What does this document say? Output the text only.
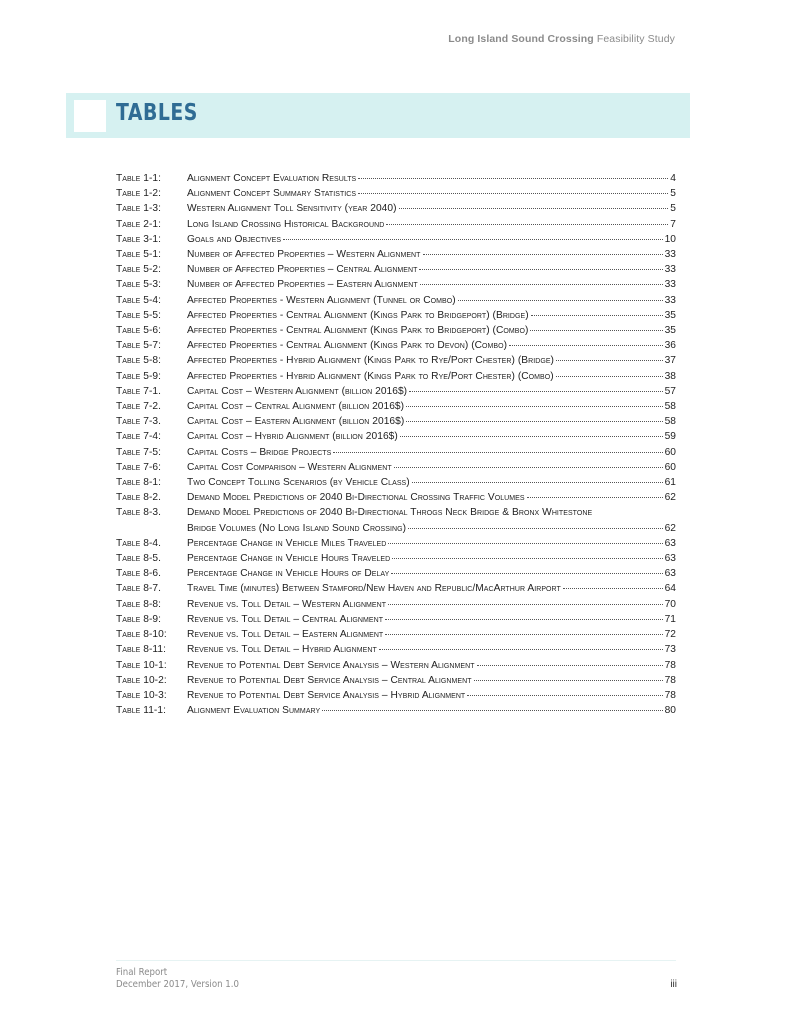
Long Island Sound Crossing Feasibility Study
TABLES
Table 1-1:	Alignment Concept Evaluation Results	4
Table 1-2:	Alignment Concept Summary Statistics	5
Table 1-3:	Western Alignment Toll Sensitivity (year 2040)	5
Table 2-1:	Long Island Crossing Historical Background	7
Table 3-1:	Goals and Objectives	10
Table 5-1:	Number of Affected Properties – Western Alignment	33
Table 5-2:	Number of Affected Properties – Central Alignment	33
Table 5-3:	Number of Affected Properties – Eastern Alignment	33
Table 5-4:	Affected Properties - Western Alignment (Tunnel or Combo)	33
Table 5-5:	Affected Properties - Central Alignment (Kings Park to Bridgeport) (Bridge)	35
Table 5-6:	Affected Properties - Central Alignment (Kings Park to Bridgeport) (Combo)	35
Table 5-7:	Affected Properties - Central Alignment (Kings Park to Devon) (Combo)	36
Table 5-8:	Affected Properties - Hybrid Alignment (Kings Park to Rye/Port Chester) (Bridge)	37
Table 5-9:	Affected Properties - Hybrid Alignment (Kings Park to Rye/Port Chester) (Combo)	38
Table 7-1.	Capital Cost – Western Alignment (billion 2016$)	57
Table 7-2.	Capital Cost – Central Alignment (billion 2016$)	58
Table 7-3.	Capital Cost – Eastern Alignment (billion 2016$)	58
Table 7-4:	Capital Cost – Hybrid Alignment (billion 2016$)	59
Table 7-5:	Capital Costs – Bridge Projects	60
Table 7-6:	Capital Cost Comparison – Western Alignment	60
Table 8-1:	Two Concept Tolling Scenarios (by Vehicle Class)	61
Table 8-2.	Demand Model Predictions of 2040 Bi-Directional Crossing Traffic Volumes	62
Table 8-3.	Demand Model Predictions of 2040 Bi-Directional Throgs Neck Bridge & Bronx Whitestone
Bridge Volumes (No Long Island Sound Crossing)	62
Table 8-4.	Percentage Change in Vehicle Miles Traveled	63
Table 8-5.	Percentage Change in Vehicle Hours Traveled	63
Table 8-6.	Percentage Change in Vehicle Hours of Delay	63
Table 8-7.	Travel Time (minutes) Between Stamford/New Haven and Republic/MacArthur Airport	64
Table 8-8:	Revenue vs. Toll Detail – Western Alignment	70
Table 8-9:	Revenue vs. Toll Detail – Central Alignment	71
Table 8-10:	Revenue vs. Toll Detail – Eastern Alignment	72
Table 8-11:	Revenue vs. Toll Detail – Hybrid Alignment	73
Table 10-1:	Revenue to Potential Debt Service Analysis – Western Alignment	78
Table 10-2:	Revenue to Potential Debt Service Analysis – Central Alignment	78
Table 10-3:	Revenue to Potential Debt Service Analysis – Hybrid Alignment	78
Table 11-1:	Alignment Evaluation Summary	80
Final Report
December 2017, Version 1.0	iii
